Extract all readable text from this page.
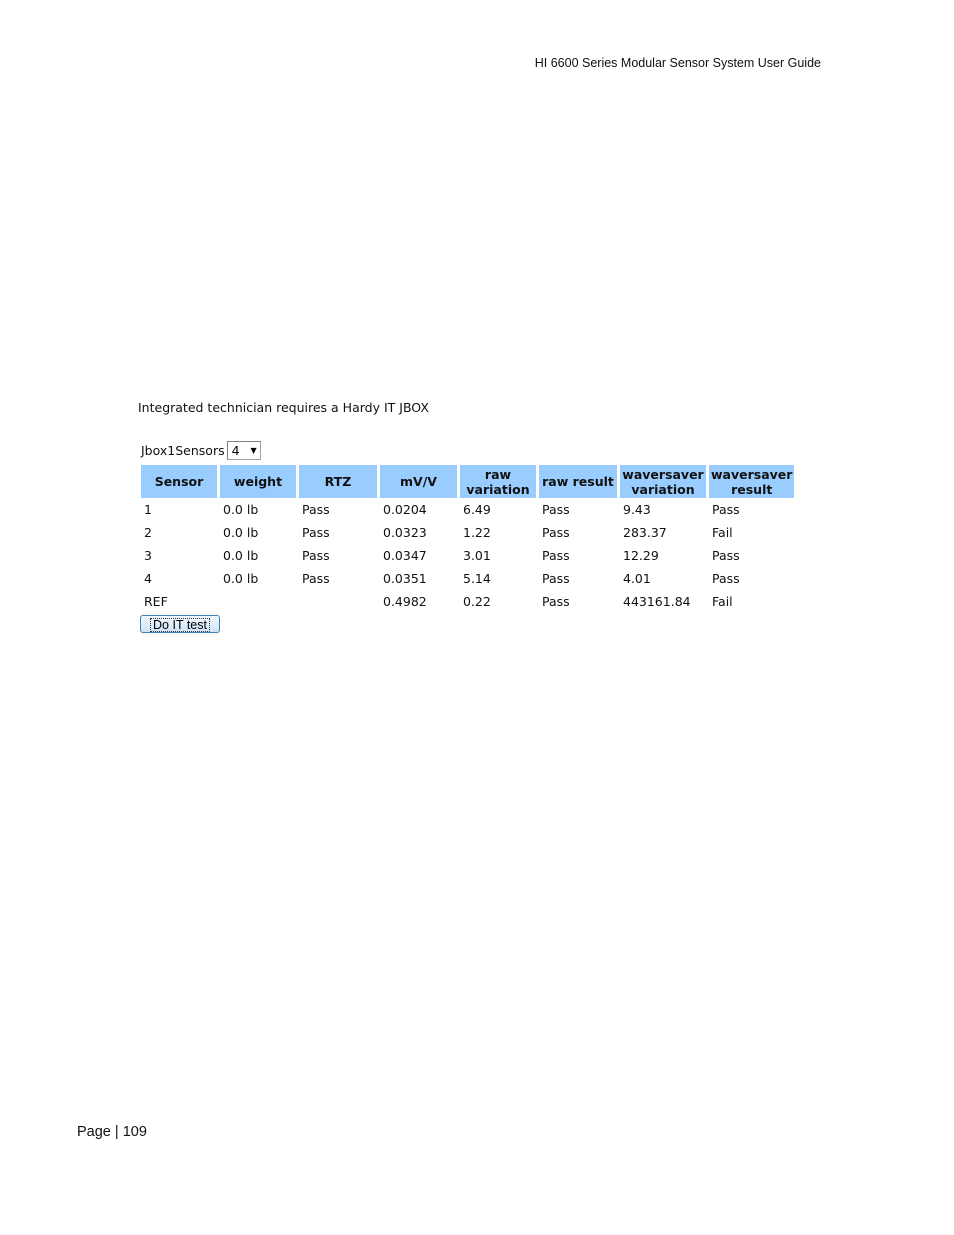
HI 6600 Series Modular Sensor System User Guide
Integrated technician requires a Hardy IT JBOX
Jbox1Sensors 4	▼
Sensor	weight	RTZ	mV/V	raw variation	raw result	waversaver variation	waversaver result
1	0.0 lb	Pass	0.0204	6.49	Pass	9.43	Pass
2	0.0 lb	Pass	0.0323	1.22	Pass	283.37	Fail
3	0.0 lb	Pass	0.0347	3.01	Pass	12.29	Pass
4	0.0 lb	Pass	0.0351	5.14	Pass	4.01	Pass
REF			0.4982	0.22	Pass	443161.84	Fail
Do IT test
Page | 109
